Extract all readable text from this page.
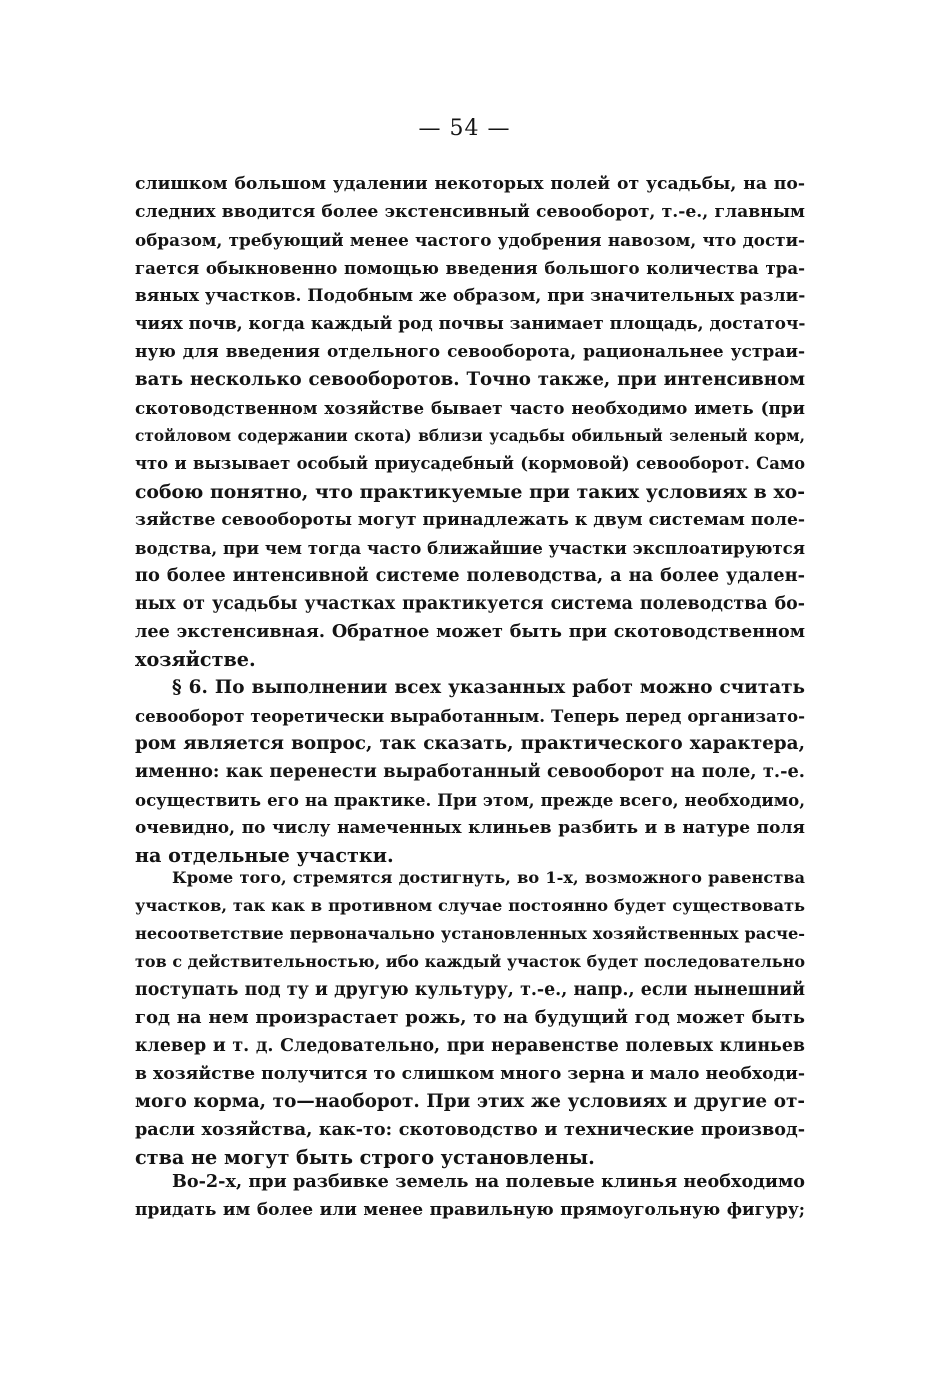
— 54 —
слишком большом удалении некоторых полей от усадьбы, на по-
следних вводится более экстенсивный севооборот, т.-е., главным
образом, требующий менее частого удобрения навозом, что дости-
гается обыкновенно помощью введения большого количества тра-
вяных участков. Подобным же образом, при значительных разли-
чиях почв, когда каждый род почвы занимает площадь, достаточ-
ную для введения отдельного севооборота, рациональнее устраи-
вать несколько севооборотов. Точно также, при интенсивном
скотоводственном хозяйстве бывает часто необходимо иметь (при
стойловом содержании скота) вблизи усадьбы обильный зеленый корм,
что и вызывает особый приусадебный (кормовой) севооборот. Само
собою понятно, что практикуемые при таких условиях в хо-
зяйстве севообороты могут принадлежать к двум системам поле-
водства, при чем тогда часто ближайшие участки эксплоатируются
по более интенсивной системе полеводства, а на более удален-
ных от усадьбы участках практикуется система полеводства бо-
лее экстенсивная. Обратное может быть при скотоводственном
хозяйстве.
§ 6. По выполнении всех указанных работ можно считать
севооборот теоретически выработанным. Теперь перед организато-
ром является вопрос, так сказать, практического характера,
именно: как перенести выработанный севооборот на поле, т.-е.
осуществить его на практике. При этом, прежде всего, необходимо,
очевидно, по числу намеченных клиньев разбить и в натуре поля
на отдельные участки.
Кроме того, стремятся достигнуть, во 1-х, возможного равенства
участков, так как в противном случае постоянно будет существовать
несоответствие первоначально установленных хозяйственных расче-
тов с действительностью, ибо каждый участок будет последовательно
поступать под ту и другую культуру, т.-е., напр., если нынешний
год на нем произрастает рожь, то на будущий год может быть
клевер и т. д. Следовательно, при неравенстве полевых клиньев
в хозяйстве получится то слишком много зерна и мало необходи-
мого корма, то—наоборот. При этих же условиях и другие от-
расли хозяйства, как-то: скотоводство и технические производ-
ства не могут быть строго установлены.
Во-2-х, при разбивке земель на полевые клинья необходимо
придать им более или менее правильную прямоугольную фигуру;
